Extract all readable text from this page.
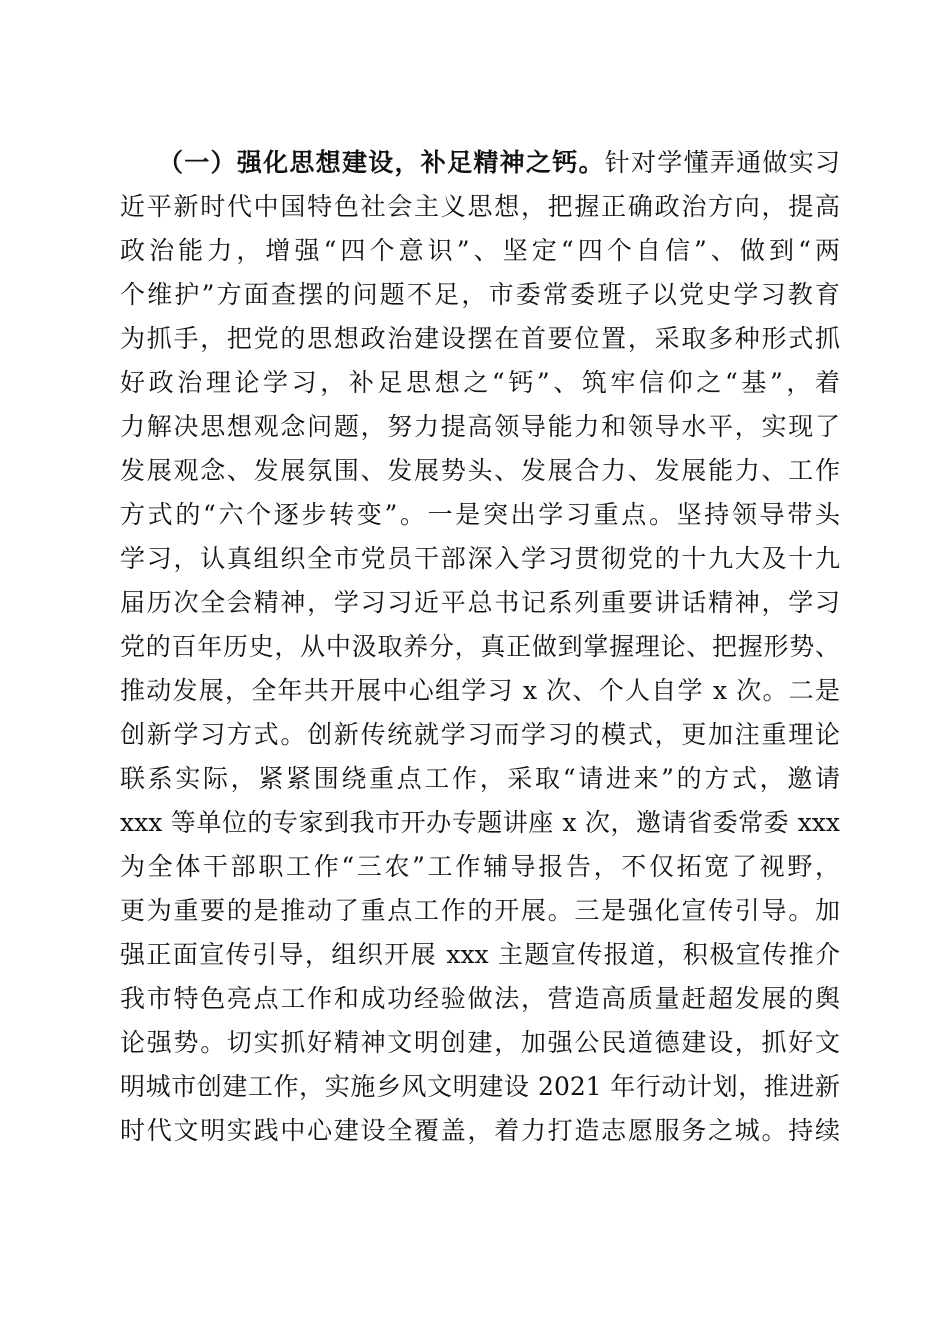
（一）强化思想建设，补足精神之钙。针对学懂弄通做实习
近平新时代中国特色社会主义思想，把握正确政治方向，提高
政治能力，增强“四个意识”、坚定“四个自信”、做到“两
个维护”方面查摆的问题不足，市委常委班子以党史学习教育
为抓手，把党的思想政治建设摆在首要位置，采取多种形式抓
好政治理论学习，补足思想之“钙”、筑牢信仰之“基”，着
力解决思想观念问题，努力提高领导能力和领导水平，实现了
发展观念、发展氛围、发展势头、发展合力、发展能力、工作
方式的“六个逐步转变”。一是突出学习重点。坚持领导带头
学习，认真组织全市党员干部深入学习贯彻党的十九大及十九
届历次全会精神，学习习近平总书记系列重要讲话精神，学习
党的百年历史，从中汲取养分，真正做到掌握理论、把握形势、
推动发展，全年共开展中心组学习 x 次、个人自学 x 次。二是
创新学习方式。创新传统就学习而学习的模式，更加注重理论
联系实际，紧紧围绕重点工作，采取“请进来”的方式，邀请
xxx 等单位的专家到我市开办专题讲座 x 次，邀请省委常委 xxx
为全体干部职工作“三农”工作辅导报告，不仅拓宽了视野，
更为重要的是推动了重点工作的开展。三是强化宣传引导。加
强正面宣传引导，组织开展 xxx 主题宣传报道，积极宣传推介
我市特色亮点工作和成功经验做法，营造高质量赶超发展的舆
论强势。切实抓好精神文明创建，加强公民道德建设，抓好文
明城市创建工作，实施乡风文明建设 2021 年行动计划，推进新
时代文明实践中心建设全覆盖，着力打造志愿服务之城。持续
